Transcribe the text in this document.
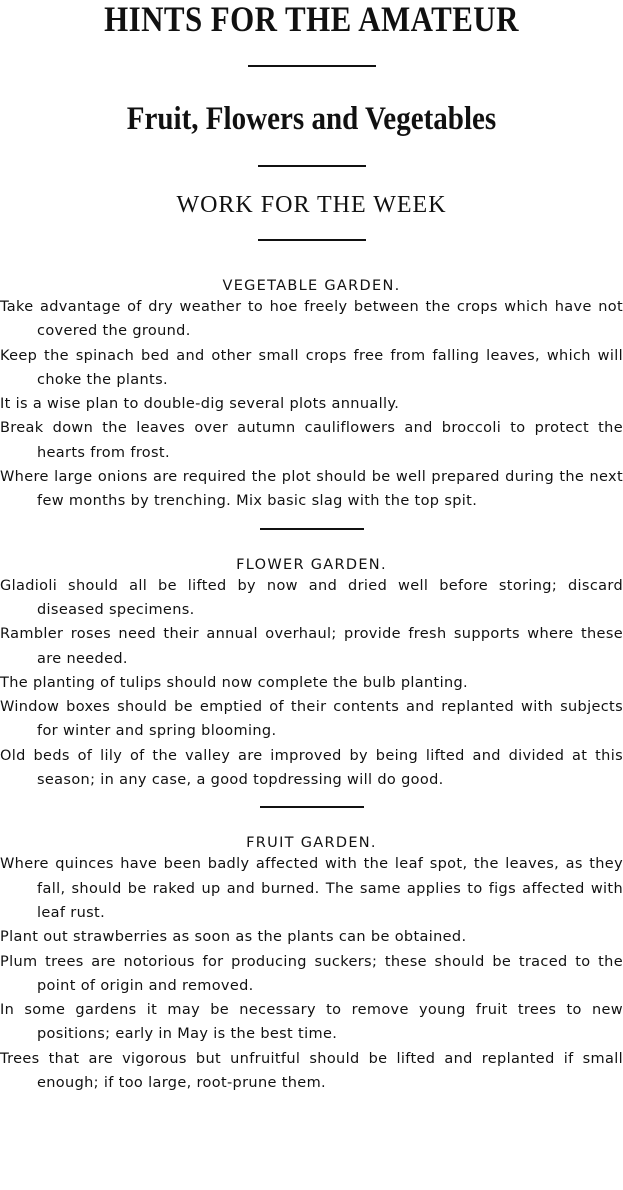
HINTS FOR THE AMATEUR
Fruit, Flowers and Vegetables
WORK FOR THE WEEK
VEGETABLE GARDEN.
Take advantage of dry weather to hoe freely between the crops which have not covered the ground.
Keep the spinach bed and other small crops free from falling leaves, which will choke the plants.
It is a wise plan to double-dig several plots annually.
Break down the leaves over autumn cauliflowers and broccoli to protect the hearts from frost.
Where large onions are required the plot should be well prepared during the next few months by trenching. Mix basic slag with the top spit.
FLOWER GARDEN.
Gladioli should all be lifted by now and dried well before storing; discard diseased specimens.
Rambler roses need their annual overhaul; provide fresh supports where these are needed.
The planting of tulips should now complete the bulb planting.
Window boxes should be emptied of their contents and replanted with subjects for winter and spring blooming.
Old beds of lily of the valley are improved by being lifted and divided at this season; in any case, a good topdressing will do good.
FRUIT GARDEN.
Where quinces have been badly affected with the leaf spot, the leaves, as they fall, should be raked up and burned. The same applies to figs affected with leaf rust.
Plant out strawberries as soon as the plants can be obtained.
Plum trees are notorious for producing suckers; these should be traced to the point of origin and removed.
In some gardens it may be necessary to remove young fruit trees to new positions; early in May is the best time.
Trees that are vigorous but unfruitful should be lifted and replanted if small enough; if too large, root-prune them.
